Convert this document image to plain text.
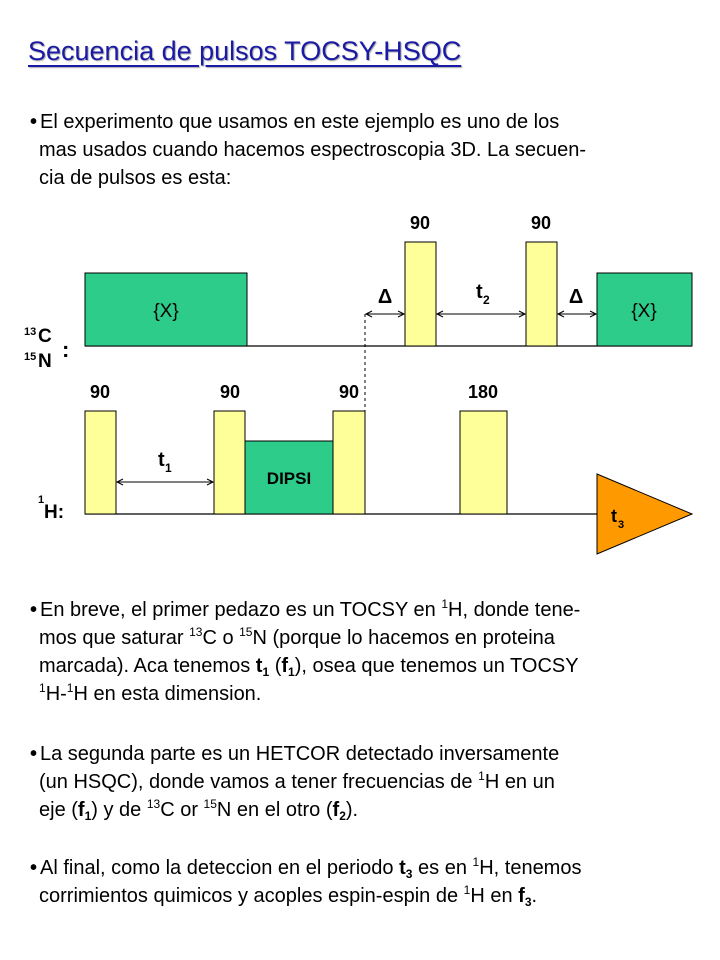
Secuencia de pulsos TOCSY-HSQC
• El experimento que usamos en este ejemplo es uno de los
mas usados cuando hacemos espectroscopia 3D. La secuen-
cia de pulsos es esta:
{X}	{X}
90	90
Δ	Δ
t 2
13 C
:
15 N
90	90	90	180
DIPSI
t 3
t 1
1
H:
• En breve, el primer pedazo es un TOCSY en $^1$H, donde tene-
mos que saturar $^{13}$C o $^{15}$N (porque lo hacemos en proteina
marcada). Aca tenemos $t_1$ $(f_1)$, osea que tenemos un TOCSY
$^1$H-$^1$H en esta dimension.
• La segunda parte es un HETCOR detectado inversamente
(un HSQC), donde vamos a tener frecuencias de $^1$H en un
eje $(f_1)$ y de $^{13}$C or $^{15}$N en el otro $(f_2)$.
• Al final, como la deteccion en el periodo $t_3$ es en $^1$H, tenemos
corrimientos quimicos y acoples espin-espin de $^1$H en $f_3$.
